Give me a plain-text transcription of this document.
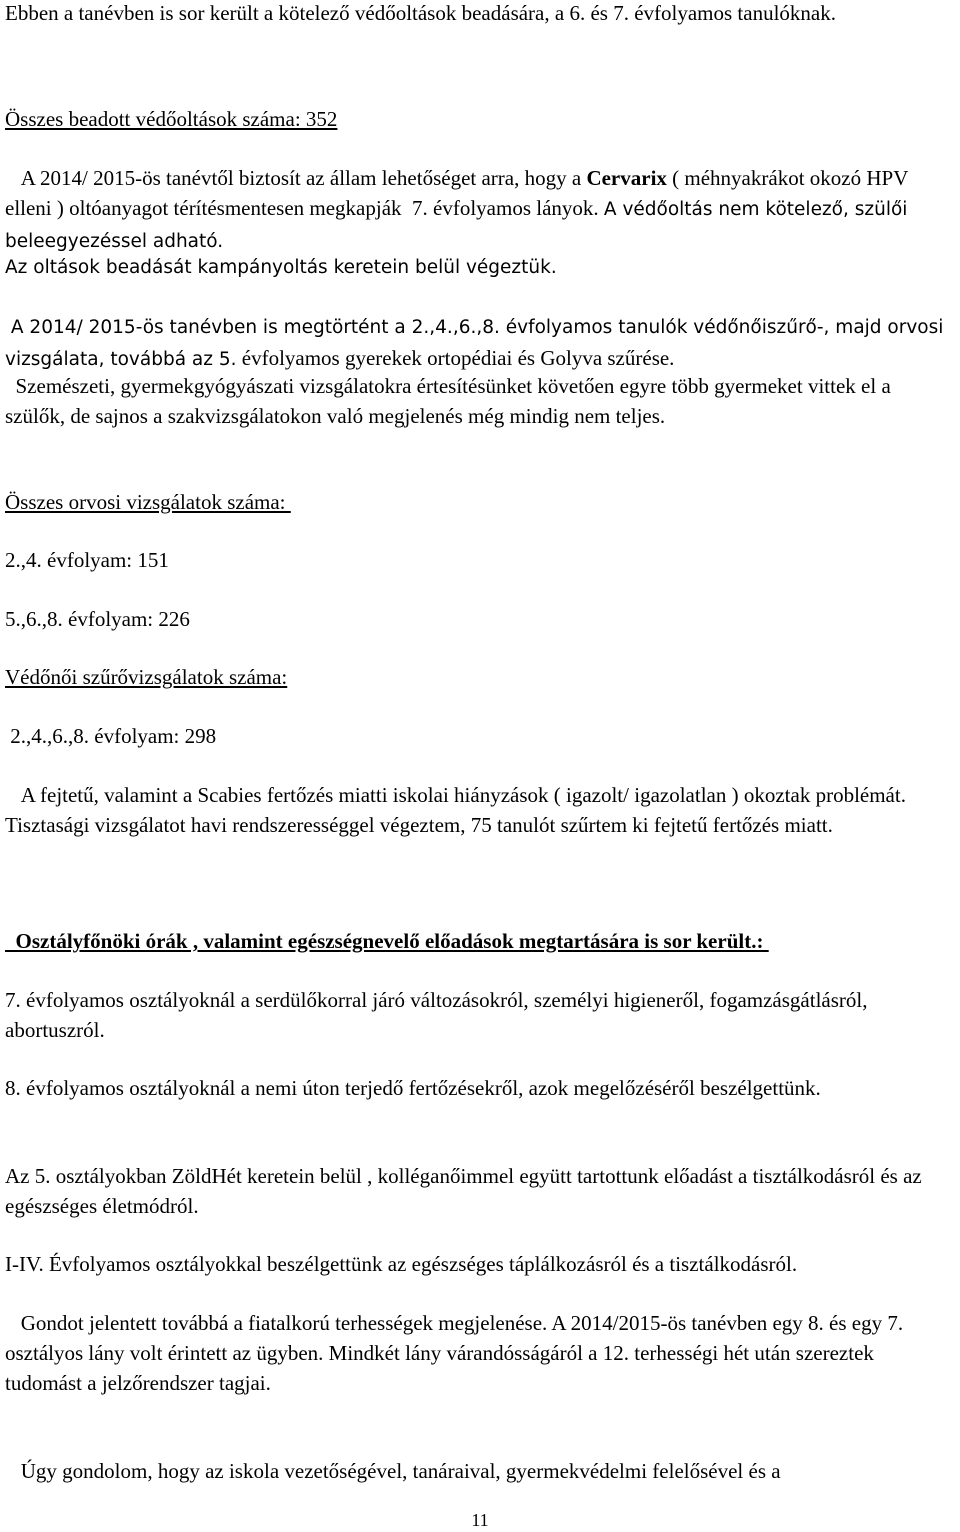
Ebben a tanévben is sor került a kötelező védőoltások beadására, a 6. és 7. évfolyamos tanulóknak.

Összes beadott védőoltások száma: 352

A 2014/ 2015-ös tanévtől biztosít az állam lehetőséget arra, hogy a Cervarix ( méhnyakrákot okozó HPV  elleni ) oltóanyagot térítésmentesen megkapják  7. évfolyamos lányok. A védőoltás nem kötelező, szülői beleegyezéssel adható.

Az oltások beadását kampányoltás keretein belül végeztük.

A 2014/ 2015-ös tanévben is megtörtént a 2.,4.,6.,8. évfolyamos tanulók védőnőiszűrő-, majd orvosi vizsgálata, továbbá az 5. évfolyamos gyerekek ortopédiai és Golyva szűrése.

Szemészeti, gyermekgyógyászati vizsgálatokra értesítésünket követően egyre több gyermeket vittek el a szülők, de sajnos a szakvizsgálatokon való megjelenés még mindig nem teljes.

Összes orvosi vizsgálatok száma:

2.,4. évfolyam: 151

5.,6.,8. évfolyam: 226

Védőnői szűrővizsgálatok száma:

2.,4.,6.,8. évfolyam: 298

A fejtetű, valamint a Scabies fertőzés miatti iskolai hiányzások ( igazolt/ igazolatlan ) okoztak problémát.
Tisztasági vizsgálatot havi rendszerességgel végeztem, 75 tanulót szűrtem ki fejtetű fertőzés miatt.

Osztályfőnöki órák , valamint egészségnevelő előadások megtartására is sor került.:

7. évfolyamos osztályoknál a serdülőkorral járó változásokról, személyi higieneről, fogamzásgátlásról, abortuszról.

8. évfolyamos osztályoknál a nemi úton terjedő fertőzésekről, azok megelőzéséről beszélgettünk.

Az 5. osztályokban ZöldHét keretein belül , kolléganőimmel együtt tartottunk előadást a tisztálkodásról és az egészséges életmódról.

I-IV. Évfolyamos osztályokkal beszélgettünk az egészséges táplálkozásról és a tisztálkodásról.

Gondot jelentett továbbá a fiatalkorú terhességek megjelenése. A 2014/2015-ös tanévben egy 8. és egy 7. osztályos lány volt érintett az ügyben. Mindkét lány várandósságáról a 12. terhességi hét után szereztek tudomást a jelzőrendszer tagjai.

Úgy gondolom, hogy az iskola vezetőségével, tanáraival, gyermekvédelmi felelősével és a

11
